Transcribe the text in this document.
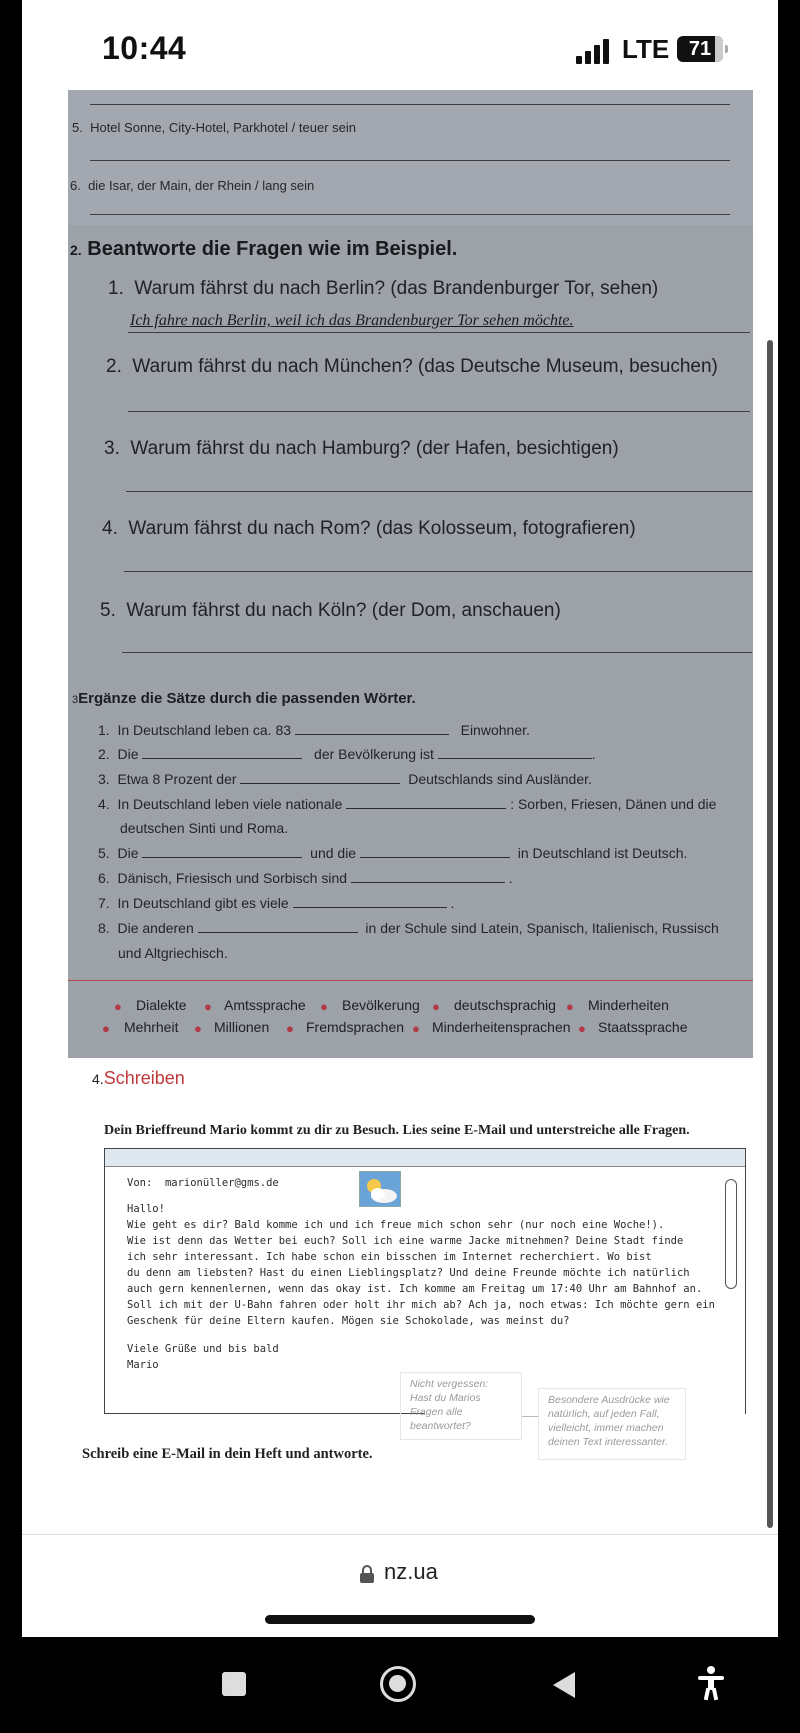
10:44	LTE 71
5. Hotel Sonne, City-Hotel, Parkhotel / teuer sein
6. die Isar, der Main, der Rhein / lang sein
2. Beantworte die Fragen wie im Beispiel.
1. Warum fährst du nach Berlin? (das Brandenburger Tor, sehen)
Ich fahre nach Berlin, weil ich das Brandenburger Tor sehen möchte.
2. Warum fährst du nach München? (das Deutsche Museum, besuchen)
3. Warum fährst du nach Hamburg? (der Hafen, besichtigen)
4. Warum fährst du nach Rom? (das Kolosseum, fotografieren)
5. Warum fährst du nach Köln? (der Dom, anschauen)
3Ergänze die Sätze durch die passenden Wörter.
1. In Deutschland leben ca. 83	Einwohner.
2. Die	der Bevölkerung ist	.
3. Etwa 8 Prozent der	Deutschlands sind Ausländer.
4. In Deutschland leben viele nationale	: Sorben, Friesen, Dänen und die
deutschen Sinti und Roma.
5. Die	und die	in Deutschland ist Deutsch.
6. Dänisch, Friesisch und Sorbisch sind	.
7. In Deutschland gibt es viele	.
8. Die anderen	in der Schule sind Latein, Spanisch, Italienisch, Russisch
und Altgriechisch.
● Dialekte ● Amtssprache ● Bevölkerung ● deutschsprachig ● Minderheiten
● Mehrheit ● Millionen ● Fremdsprachen ● Minderheitensprachen ● Staatssprache
4.Schreiben
Dein Brieffreund Mario kommt zu dir zu Besuch. Lies seine E-Mail und unterstreiche alle Fragen.
Von: marionüller@gms.de
Hallo!
Wie geht es dir? Bald komme ich und ich freue mich schon sehr (nur noch eine Woche!).
Wie ist denn das Wetter bei euch? Soll ich eine warme Jacke mitnehmen? Deine Stadt finde
ich sehr interessant. Ich habe schon ein bisschen im Internet recherchiert. Wo bist
du denn am liebsten? Hast du einen Lieblingsplatz? Und deine Freunde möchte ich natürlich
auch gern kennenlernen, wenn das okay ist. Ich komme am Freitag um 17:40 Uhr am Bahnhof an.
Soll ich mit der U-Bahn fahren oder holt ihr mich ab? Ach ja, noch etwas: Ich möchte gern ein
Geschenk für deine Eltern kaufen. Mögen sie Schokolade, was meinst du?
Viele Grüße und bis bald
Mario
Nicht vergessen:
Hast du Marios
Fragen alle
beantwortet?
Besondere Ausdrücke wie
natürlich, auf jeden Fall,
vielleicht, immer machen
deinen Text interessanter.
Schreib eine E-Mail in dein Heft und antworte.
nz.ua
